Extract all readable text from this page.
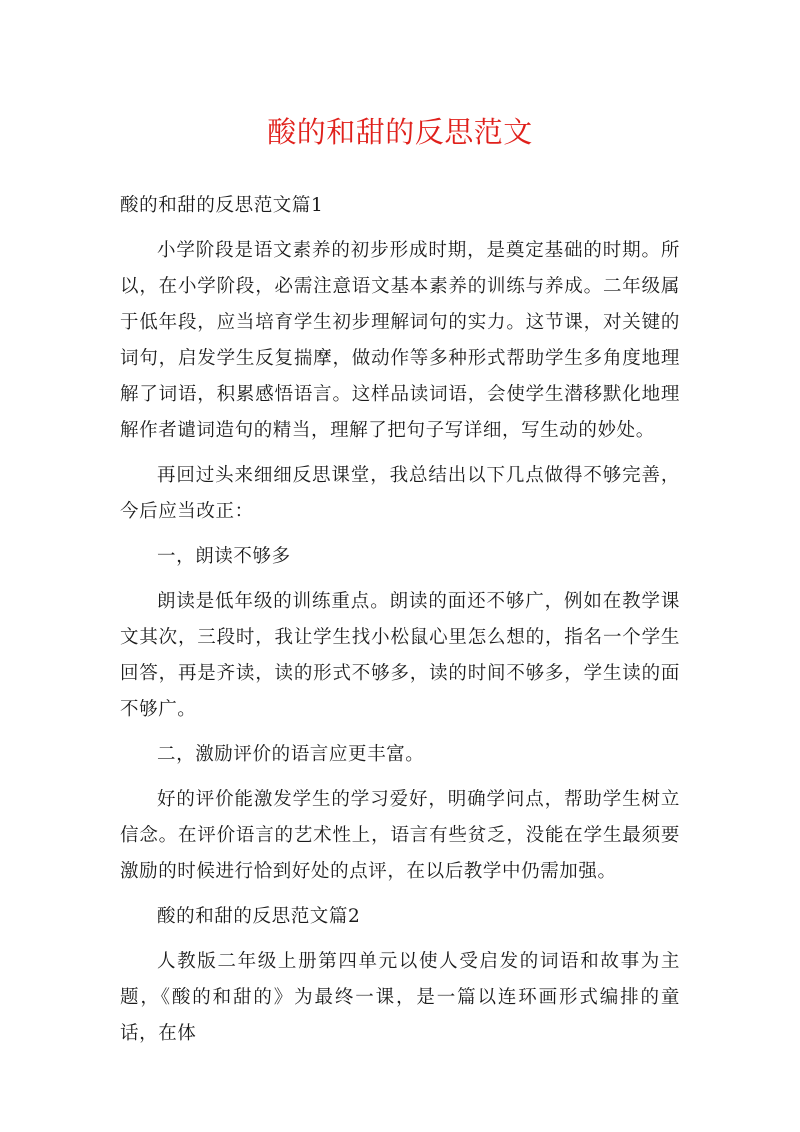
酸的和甜的反思范文

酸的和甜的反思范文篇1

小学阶段是语文素养的初步形成时期，是奠定基础的时期。所以，在小学阶段，必需注意语文基本素养的训练与养成。二年级属于低年段，应当培育学生初步理解词句的实力。这节课，对关键的词句，启发学生反复揣摩，做动作等多种形式帮助学生多角度地理解了词语，积累感悟语言。这样品读词语，会使学生潜移默化地理解作者谴词造句的精当，理解了把句子写详细，写生动的妙处。

再回过头来细细反思课堂，我总结出以下几点做得不够完善，今后应当改正：

一，朗读不够多

朗读是低年级的训练重点。朗读的面还不够广，例如在教学课文其次，三段时，我让学生找小松鼠心里怎么想的，指名一个学生回答，再是齐读，读的形式不够多，读的时间不够多，学生读的面不够广。

二，激励评价的语言应更丰富。

好的评价能激发学生的学习爱好，明确学问点，帮助学生树立信念。在评价语言的艺术性上，语言有些贫乏，没能在学生最须要激励的时候进行恰到好处的点评，在以后教学中仍需加强。

酸的和甜的反思范文篇2

人教版二年级上册第四单元以使人受启发的词语和故事为主题，《酸的和甜的》为最终一课，是一篇以连环画形式编排的童话，在体
